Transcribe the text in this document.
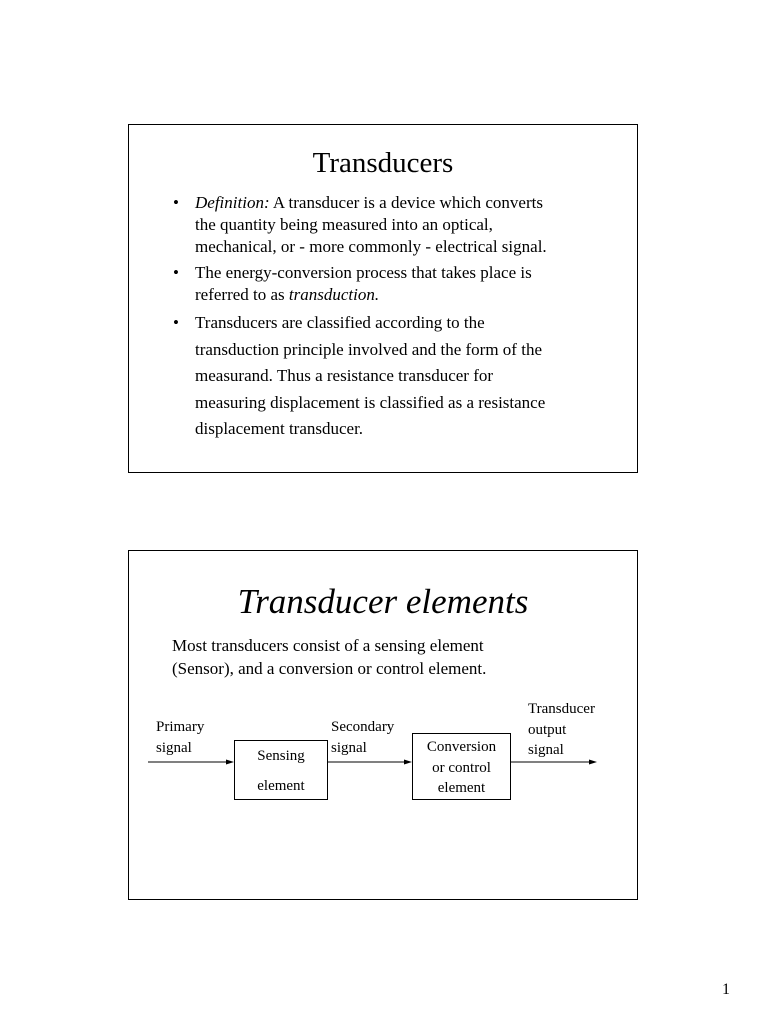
Transducers
• Definition: A transducer is a device which converts
the quantity being measured into an optical,
mechanical, or - more commonly - electrical signal.
• The energy-conversion process that takes place is
referred to as transduction.
• Transducers are classified according to the
transduction principle involved and the form of the
measurand. Thus a resistance transducer for
measuring displacement is classified as a resistance
displacement transducer.
Transducer elements

Most transducers consist of a sensing element
(Sensor), and a conversion or control element.

Primary
signal
Sensing
element
Secondary
signal	Conversion
or control
element
Transducer
output
signal
1
